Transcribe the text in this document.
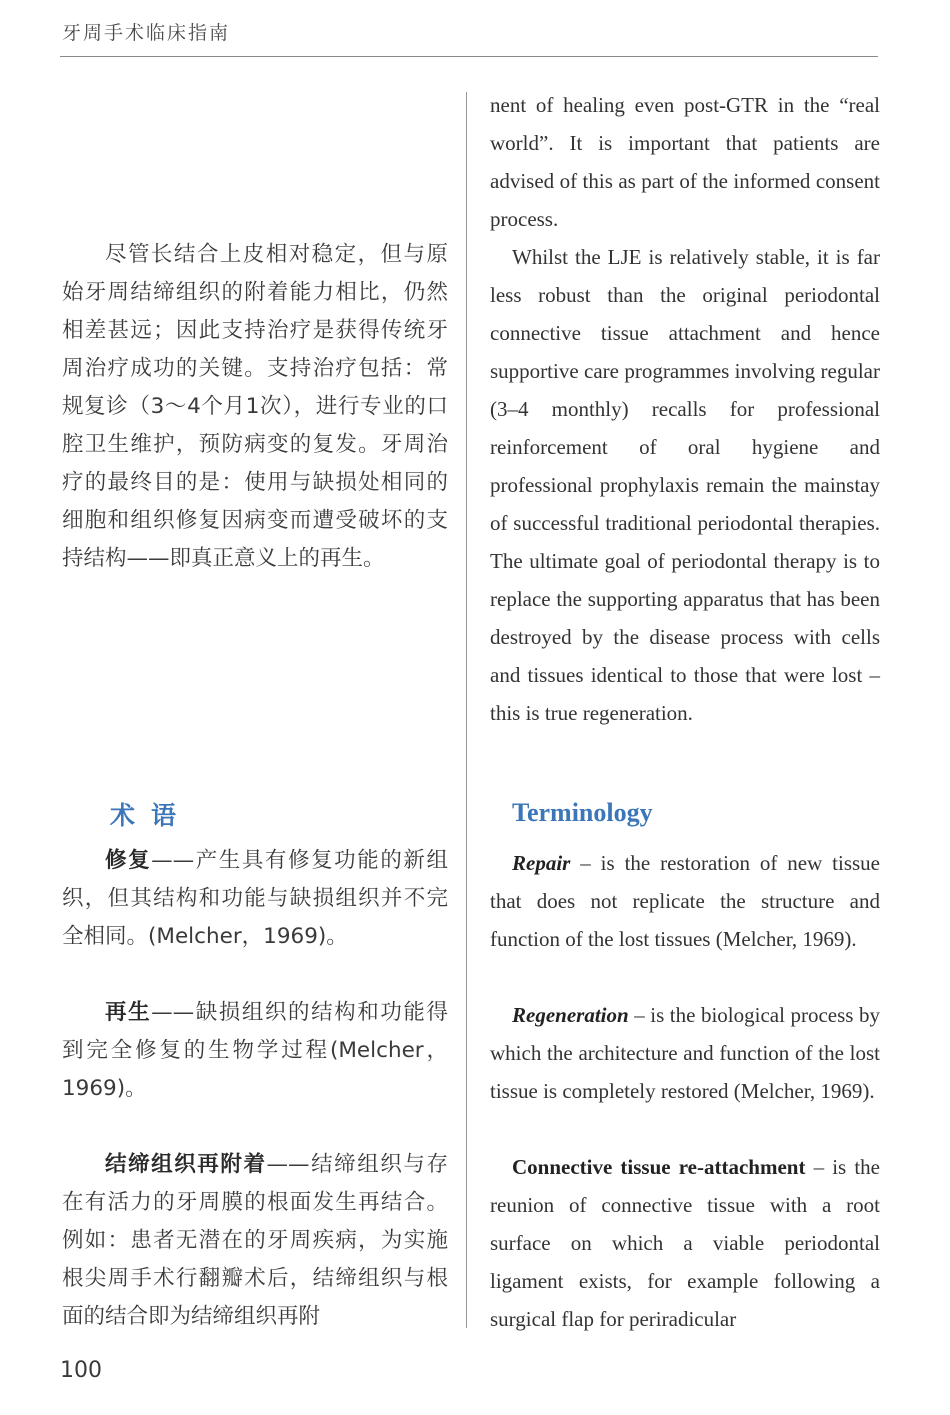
牙周手术临床指南

尽管长结合上皮相对稳定，但与原始牙周结缔组织的附着能力相比，仍然相差甚远；因此支持治疗是获得传统牙周治疗成功的关键。支持治疗包括：常规复诊（3～4个月1次），进行专业的口腔卫生维护，预防病变的复发。牙周治疗的最终目的是：使用与缺损处相同的细胞和组织修复因病变而遭受破坏的支持结构——即真正意义上的再生。

术语

修复——产生具有修复功能的新组织，但其结构和功能与缺损组织并不完全相同。(Melcher，1969)。

再生——缺损组织的结构和功能得到完全修复的生物学过程(Melcher，1969)。

结缔组织再附着——结缔组织与存在有活力的牙周膜的根面发生再结合。例如：患者无潜在的牙周疾病，为实施根尖周手术行翻瓣术后，结缔组织与根面的结合即为结缔组织再附

nent of healing even post-GTR in the “real world”. It is important that patients are advised of this as part of the informed consent process.

Whilst the LJE is relatively stable, it is far less robust than the original periodontal connective tissue attachment and hence supportive care programmes involving regular (3–4 monthly) recalls for professional reinforcement of oral hygiene and professional prophylaxis remain the mainstay of successful traditional periodontal therapies. The ultimate goal of periodontal therapy is to replace the supporting apparatus that has been destroyed by the disease process with cells and tissues identical to those that were lost – this is true regeneration.

Terminology

Repair – is the restoration of new tissue that does not replicate the structure and function of the lost tissues (Melcher, 1969).

Regeneration – is the biological process by which the architecture and function of the lost tissue is completely restored (Melcher, 1969).

Connective tissue re-attachment – is the reunion of connective tissue with a root surface on which a viable periodontal ligament exists, for example following a surgical flap for periradicular

100
